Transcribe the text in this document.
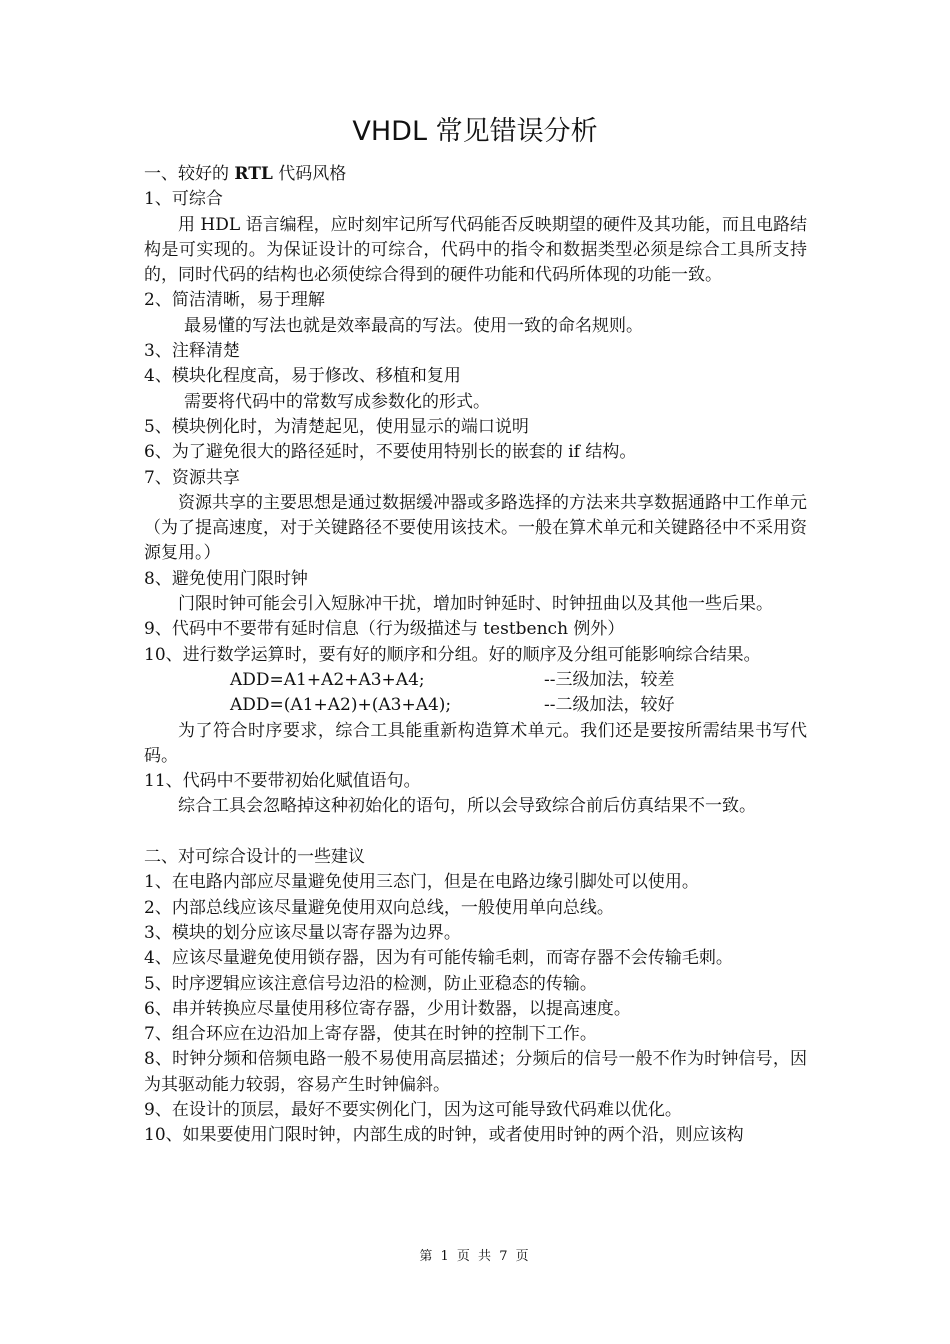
VHDL 常见错误分析

一、较好的 RTL 代码风格

1、可综合

用 HDL 语言编程，应时刻牢记所写代码能否反映期望的硬件及其功能，而且电路结构是可实现的。为保证设计的可综合，代码中的指令和数据类型必须是综合工具所支持的，同时代码的结构也必须使综合得到的硬件功能和代码所体现的功能一致。

2、简洁清晰，易于理解

最易懂的写法也就是效率最高的写法。使用一致的命名规则。

3、注释清楚

4、模块化程度高，易于修改、移植和复用

需要将代码中的常数写成参数化的形式。

5、模块例化时，为清楚起见，使用显示的端口说明

6、为了避免很大的路径延时，不要使用特别长的嵌套的 if 结构。

7、资源共享

资源共享的主要思想是通过数据缓冲器或多路选择的方法来共享数据通路中工作单元（为了提高速度，对于关键路径不要使用该技术。一般在算术单元和关键路径中不采用资源复用。）

8、避免使用门限时钟

门限时钟可能会引入短脉冲干扰，增加时钟延时、时钟扭曲以及其他一些后果。

9、代码中不要带有延时信息（行为级描述与 testbench 例外）

10、进行数学运算时，要有好的顺序和分组。好的顺序及分组可能影响综合结果。

ADD=A1+A2+A3+A4;	--三级加法，较差
ADD=(A1+A2)+(A3+A4);	--二级加法，较好

为了符合时序要求，综合工具能重新构造算术单元。我们还是要按所需结果书写代码。

11、代码中不要带初始化赋值语句。

综合工具会忽略掉这种初始化的语句，所以会导致综合前后仿真结果不一致。

二、对可综合设计的一些建议

1、在电路内部应尽量避免使用三态门，但是在电路边缘引脚处可以使用。

2、内部总线应该尽量避免使用双向总线，一般使用单向总线。

3、模块的划分应该尽量以寄存器为边界。

4、应该尽量避免使用锁存器，因为有可能传输毛刺，而寄存器不会传输毛刺。

5、时序逻辑应该注意信号边沿的检测，防止亚稳态的传输。

6、串并转换应尽量使用移位寄存器，少用计数器，以提高速度。

7、组合环应在边沿加上寄存器，使其在时钟的控制下工作。

8、时钟分频和倍频电路一般不易使用高层描述；分频后的信号一般不作为时钟信号，因为其驱动能力较弱，容易产生时钟偏斜。

9、在设计的顶层，最好不要实例化门，因为这可能导致代码难以优化。

10、如果要使用门限时钟，内部生成的时钟，或者使用时钟的两个沿，则应该构

第 1 页 共 7 页
